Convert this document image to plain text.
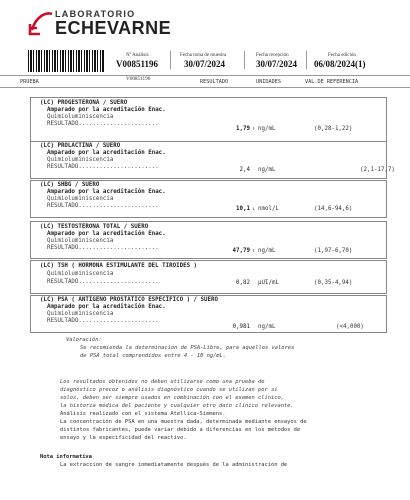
LABORATORIO
ECHEVARNE
Nº Análisis
V00851196
Fecha toma de muestra
30/07/2024
Fecha recepción
30/07/2024
Fecha edición
06/08/2024(1)
PRUEBA	RESULTADO	UNIDADES	VAL.DE REFERENCIA
V00851196
(LC) PROGESTERONA / SUERO
Amparado por la acreditación Enac.
Quimioluminiscencia
RESULTADO.......................
1,79 ↑ ng/mL	(0,28-1,22)
(LC) PROLACTINA / SUERO
Amparado por la acreditación Enac.
Quimioluminiscencia
RESULTADO.......................	2,4 ng/mL	(2,1-17,7)
(LC) SHBG / SUERO
Amparado por la acreditación Enac.
Quimioluminiscencia
RESULTADO.......................	10,1 ↓ nmol/L	(14,6-94,6)
(LC) TESTOSTERONA TOTAL / SUERO
Amparado por la acreditación Enac.
Quimioluminiscencia
RESULTADO.......................	47,79 ↑ ng/mL	(1,97-6,70)
(LC) TSH ( HORMONA ESTIMULANTE DEL TIROIDES )
Quimioluminiscencia
RESULTADO.......................	0,82 µUI/mL	(0,35-4,94)
(LC) PSA ( ANTÍGENO PROSTÁTICO ESPECÍFICO ) / SUERO
Amparado por la acreditación Enac.
Quimioluminiscencia
RESULTADO.......................
0,981 ng/mL	(<4,000)
Valoración:
Se recomienda la determinación de PSA-Libre, para aquellos valores
de PSA total comprendidos entre 4 - 10 ng/mL.
Los resultados obtenidos no deben utilizarse como una prueba de
diagnóstico precoz o análisis diagnóstico cuando se utilizan por si
solos, deben ser siempre usados en combinación con el examen clínico,
la historia médica del paciente y cualquier otro dato clínico relevante.
Análisis realizado con el sistema Atellica-Siemens.
La concentración de PSA en una muestra dada, determinada mediante ensayos de
distintos fabricantes, puede variar debido a diferencias en los métodos de
ensayo y la especificidad del reactivo.
Nota informativa
La extracción de sangre inmediatamente después de la administración de
